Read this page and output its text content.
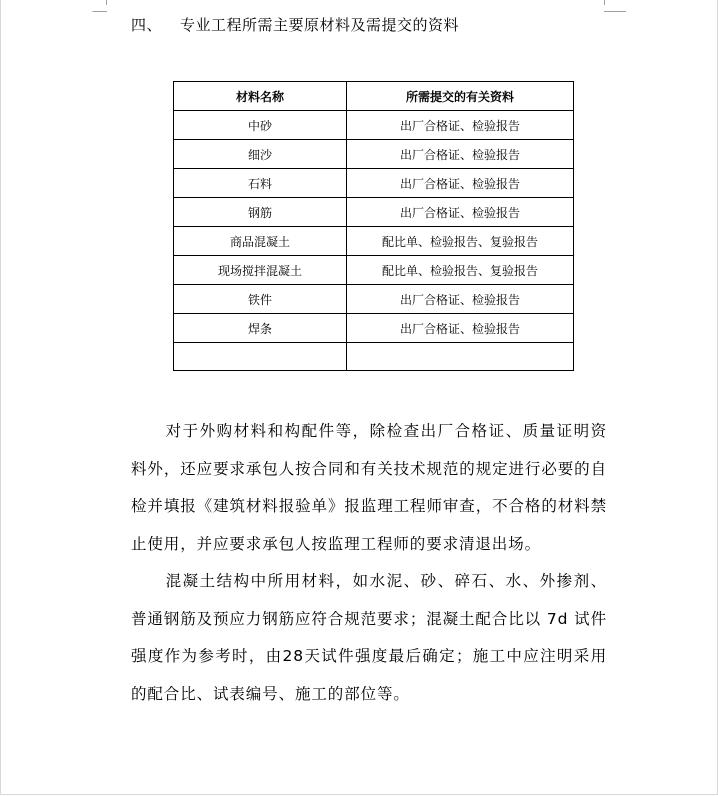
四、 专业工程所需主要原材料及需提交的资料
材料名称	所需提交的有关资料
中砂	出厂合格证、检验报告
细沙	出厂合格证、检验报告
石料	出厂合格证、检验报告
钢筋	出厂合格证、检验报告
商品混凝土	配比单、检验报告、复验报告
现场搅拌混凝土	配比单、检验报告、复验报告
铁件	出厂合格证、检验报告
焊条	出厂合格证、检验报告

对于外购材料和构配件等，除检查出厂合格证、质量证明资料外，还应要求承包人按合同和有关技术规范的规定进行必要的自检并填报《建筑材料报验单》报监理工程师审查，不合格的材料禁止使用，并应要求承包人按监理工程师的要求清退出场。

混凝土结构中所用材料，如水泥、砂、碎石、水、外掺剂、普通钢筋及预应力钢筋应符合规范要求；混凝土配合比以 7d 试件强度作为参考时，由28天试件强度最后确定；施工中应注明采用的配合比、试表编号、施工的部位等。
